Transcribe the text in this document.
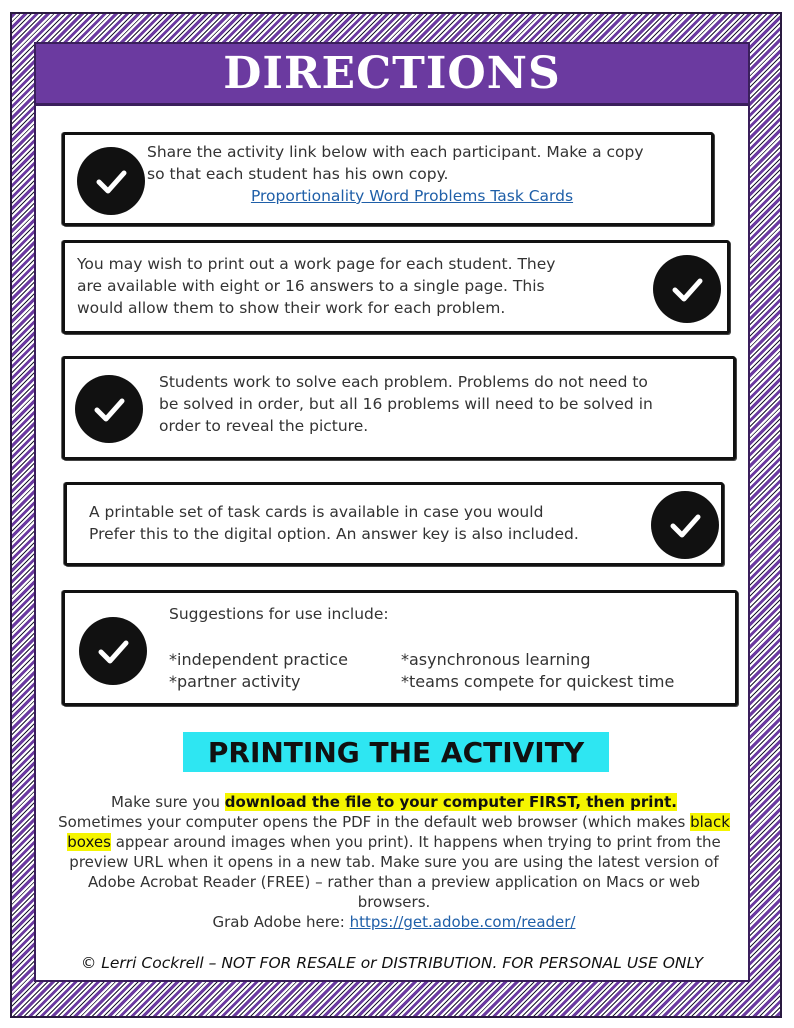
DIRECTIONS
Share the activity link below with each participant. Make a copy
so that each student has his own copy.
Proportionality Word Problems Task Cards
You may wish to print out a work page for each student. They
are available with eight or 16 answers to a single page. This
would allow them to show their work for each problem.
Students work to solve each problem. Problems do not need to
be solved in order, but all 16 problems will need to be solved in
order to reveal the picture.
A printable set of task cards is available in case you would
Prefer this to the digital option. An answer key is also included.
Suggestions for use include:
*independent practice	*asynchronous learning
*partner activity	*teams compete for quickest time
PRINTING THE ACTIVITY
Make sure you download the file to your computer FIRST, then print.
Sometimes your computer opens the PDF in the default web browser (which makes black boxes appear around images when you print). It happens when trying to print from the preview URL when it opens in a new tab. Make sure you are using the latest version of Adobe Acrobat Reader (FREE) – rather than a preview application on Macs or web browsers.
Grab Adobe here: https://get.adobe.com/reader/
© Lerri Cockrell – NOT FOR RESALE or DISTRIBUTION. FOR PERSONAL USE ONLY
